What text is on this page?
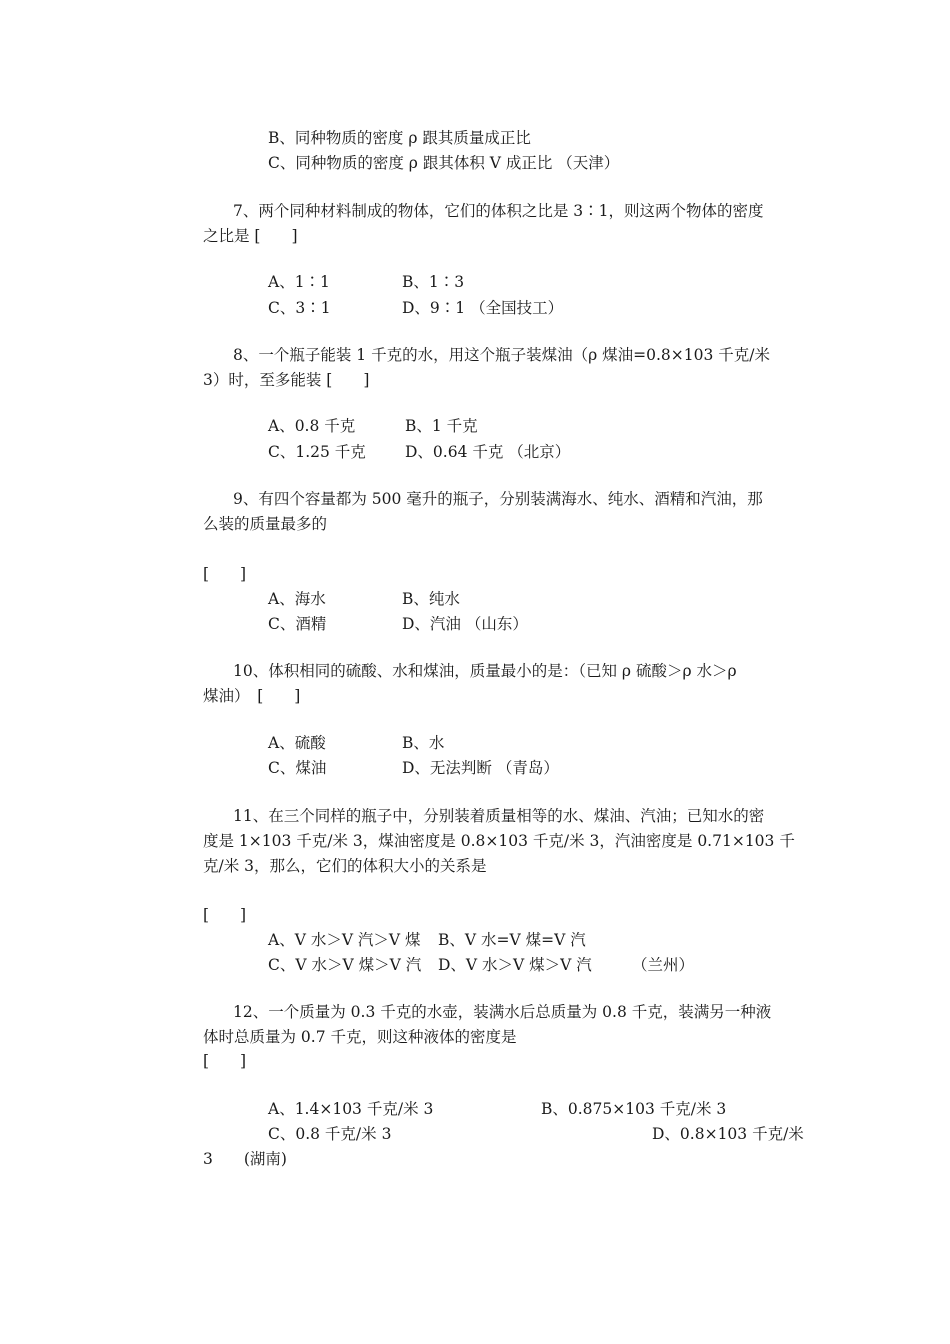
B、同种物质的密度 ρ 跟其质量成正比
C、同种物质的密度 ρ 跟其体积 V 成正比 （天津）
7、两个同种材料制成的物体，它们的体积之比是 3∶1，则这两个物体的密度
之比是 [　　]
A、1∶1	B、1∶3
C、3∶1	D、9∶1 （全国技工）
8、一个瓶子能装 1 千克的水，用这个瓶子装煤油（ρ 煤油=0.8×103 千克/米
3）时，至多能装 [　　]
A、0.8 千克	B、1 千克
C、1.25 千克	D、0.64 千克 （北京）
9、有四个容量都为 500 毫升的瓶子，分别装满海水、纯水、酒精和汽油，那
么装的质量最多的
[　　]
A、海水	B、纯水
C、酒精	D、汽油 （山东）
10、体积相同的硫酸、水和煤油，质量最小的是：（已知 ρ 硫酸＞ρ 水＞ρ
煤油）　[　　]
A、硫酸	B、水
C、煤油	D、无法判断 （青岛）
11、在三个同样的瓶子中，分别装着质量相等的水、煤油、汽油；已知水的密
度是 1×103 千克/米 3，煤油密度是 0.8×103 千克/米 3，汽油密度是 0.71×103 千
克/米 3，那么，它们的体积大小的关系是
[　　]
A、V 水＞V 汽＞V 煤 B、V 水=V 煤=V 汽
C、V 水＞V 煤＞V 汽 D、V 水＞V 煤＞V 汽	（兰州）
12、一个质量为 0.3 千克的水壶，装满水后总质量为 0.8 千克，装满另一种液
体时总质量为 0.7 千克，则这种液体的密度是
[　　]
A、1.4×103 千克/米 3	B、0.875×103 千克/米 3
C、0.8 千克/米 3	D、0.8×103 千克/米
3　　(湖南)
